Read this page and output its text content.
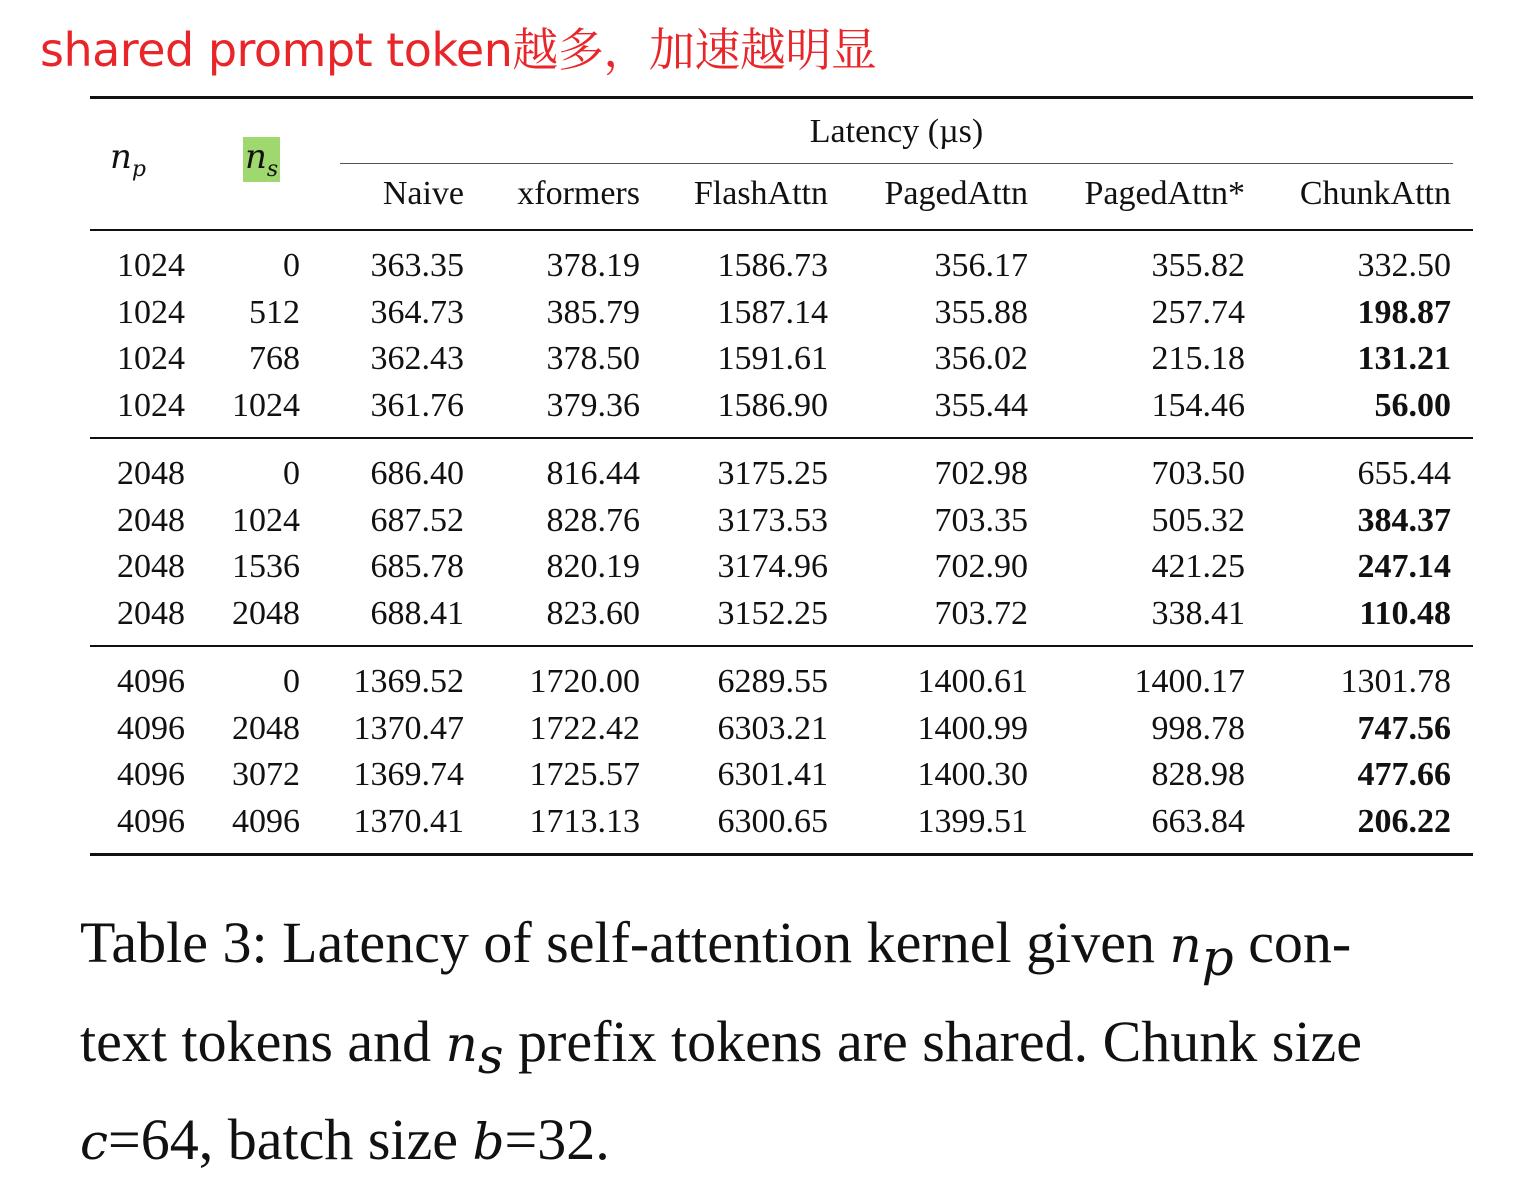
shared prompt token越多，加速越明显
$n_p$	$n_s$
Latency (µs)
Naive xformers FlashAttn PagedAttn PagedAttn* ChunkAttn
1024	0 363.35 378.19 1586.73	356.17	355.82	332.50
1024 512 364.73 385.79 1587.14	355.88	257.74	198.87
1024 768 362.43 378.50 1591.61	356.02	215.18	131.21
1024 1024 361.76 379.36 1586.90	355.44	154.46	56.00
2048	0 686.40 816.44 3175.25	702.98	703.50	655.44
2048 1024 687.52 828.76 3173.53	703.35	505.32	384.37
2048 1536 685.78 820.19 3174.96	702.90	421.25	247.14
2048 2048 688.41 823.60 3152.25	703.72	338.41	110.48
4096	0 1369.52 1720.00 6289.55	1400.61	1400.17	1301.78
4096 2048 1370.47 1722.42 6303.21	1400.99	998.78	747.56
4096 3072 1369.74 1725.57 6301.41	1400.30	828.98	477.66
4096 4096 1370.41 1713.13 6300.65	1399.51	663.84	206.22
Table 3: Latency of self-attention kernel given $n_p$ con-
text tokens and $n_s$ prefix tokens are shared. Chunk size
c=64, batch size b=32.
